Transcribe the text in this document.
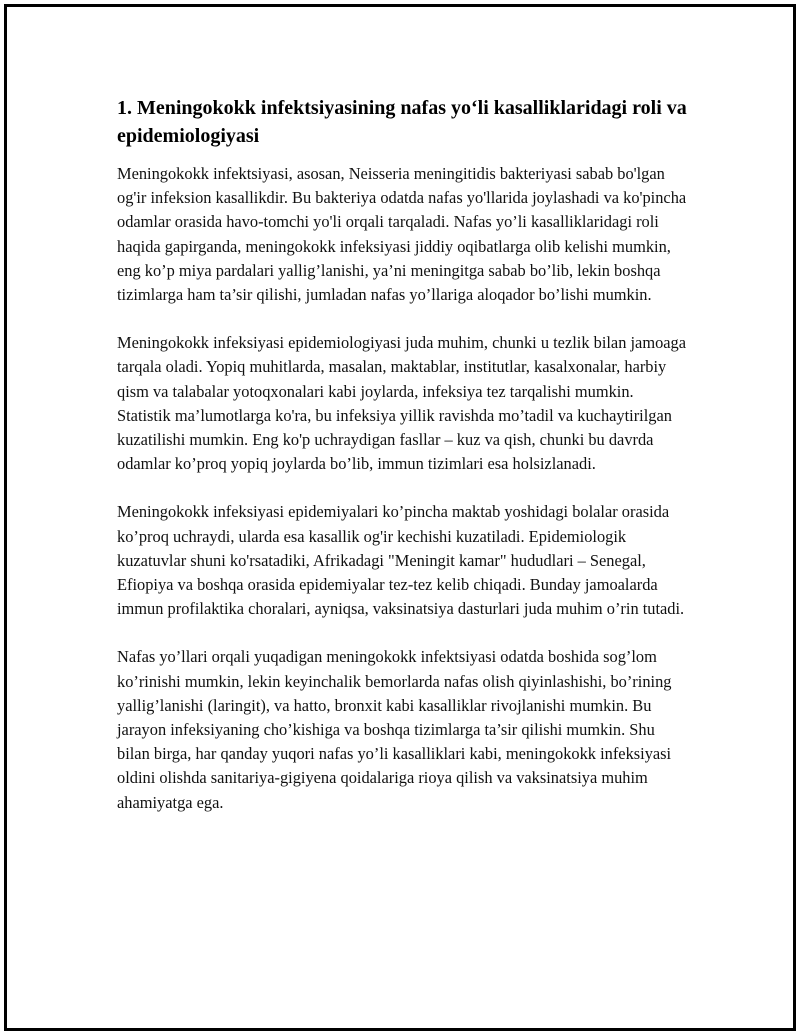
1. Meningokokk infektsiyasining nafas yo‘li kasalliklaridagi roli va epidemiologiyasi

Meningokokk infektsiyasi, asosan, Neisseria meningitidis bakteriyasi sabab bo'lgan og'ir infeksion kasallikdir. Bu bakteriya odatda nafas yo'llarida joylashadi va ko'pincha odamlar orasida havo-tomchi yo'li orqali tarqaladi. Nafas yo’li kasalliklaridagi roli haqida gapirganda, meningokokk infeksiyasi jiddiy oqibatlarga olib kelishi mumkin, eng ko’p miya pardalari yallig’lanishi, ya’ni meningitga sabab bo’lib, lekin boshqa tizimlarga ham ta’sir qilishi, jumladan nafas yo’llariga aloqador bo’lishi mumkin.

Meningokokk infeksiyasi epidemiologiyasi juda muhim, chunki u tezlik bilan jamoaga tarqala oladi. Yopiq muhitlarda, masalan, maktablar, institutlar, kasalxonalar, harbiy qism va talabalar yotoqxonalari kabi joylarda, infeksiya tez tarqalishi mumkin. Statistik ma’lumotlarga ko'ra, bu infeksiya yillik ravishda mo’tadil va kuchaytirilgan kuzatilishi mumkin. Eng ko'p uchraydigan fasllar – kuz va qish, chunki bu davrda odamlar ko’proq yopiq joylarda bo’lib, immun tizimlari esa holsizlanadi.

Meningokokk infeksiyasi epidemiyalari ko’pincha maktab yoshidagi bolalar orasida ko’proq uchraydi, ularda esa kasallik og'ir kechishi kuzatiladi. Epidemiologik kuzatuvlar shuni ko'rsatadiki, Afrikadagi "Meningit kamar" hududlari – Senegal, Efiopiya va boshqa orasida epidemiyalar tez-tez kelib chiqadi. Bunday jamoalarda immun profilaktika choralari, ayniqsa, vaksinatsiya dasturlari juda muhim o’rin tutadi.

Nafas yo’llari orqali yuqadigan meningokokk infektsiyasi odatda boshida sog’lom ko’rinishi mumkin, lekin keyinchalik bemorlarda nafas olish qiyinlashishi, bo’rining yallig’lanishi (laringit), va hatto, bronxit kabi kasalliklar rivojlanishi mumkin. Bu jarayon infeksiyaning cho’kishiga va boshqa tizimlarga ta’sir qilishi mumkin. Shu bilan birga, har qanday yuqori nafas yo’li kasalliklari kabi, meningokokk infeksiyasi oldini olishda sanitariya-gigiyena qoidalariga rioya qilish va vaksinatsiya muhim ahamiyatga ega.
